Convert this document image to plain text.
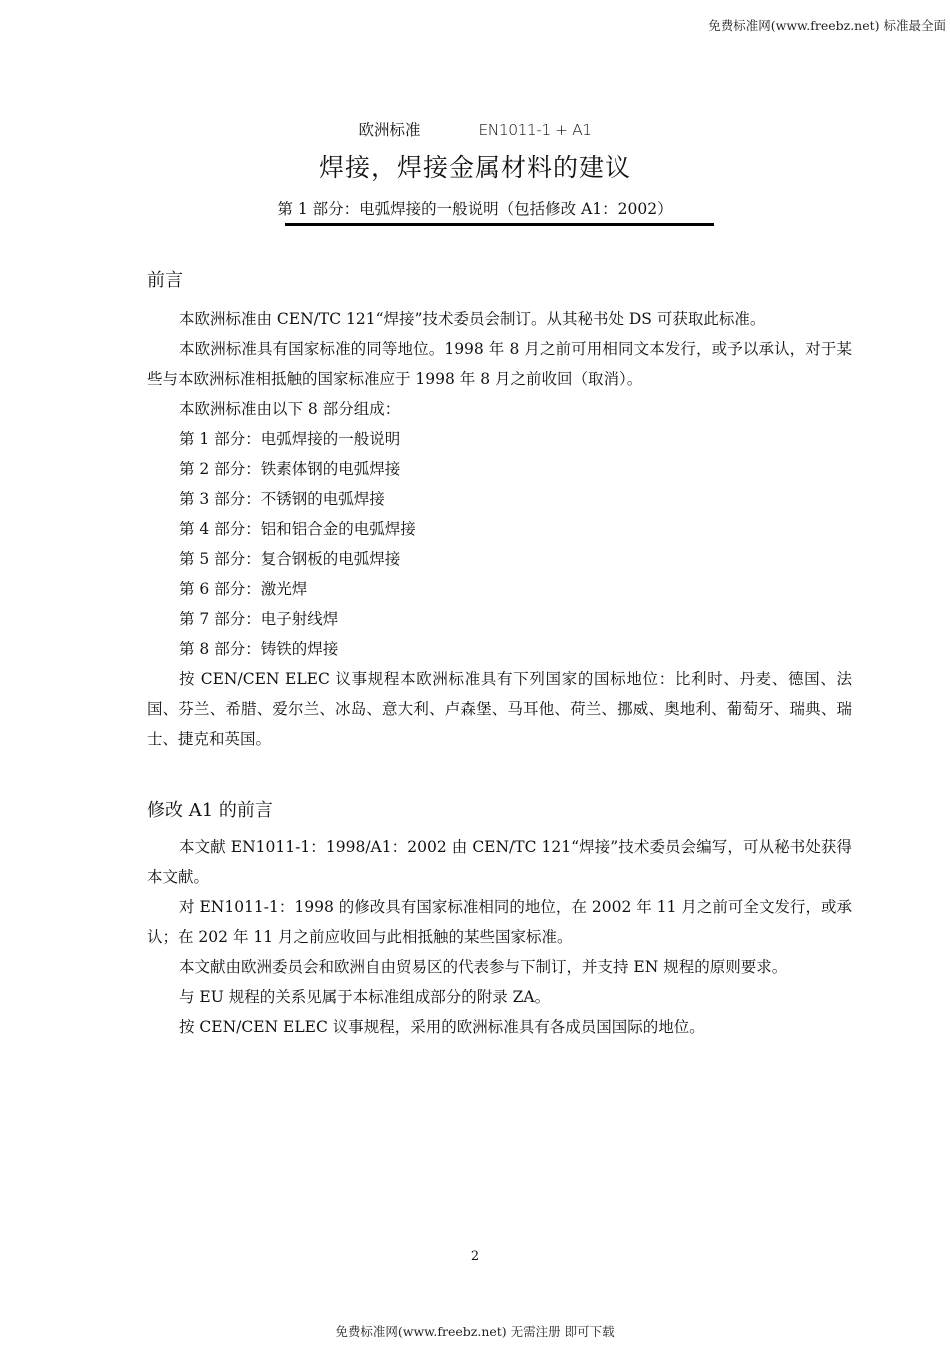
免费标准网(www.freebz.net) 标准最全面
欧洲标准	EN1011-1 + A1
焊接，焊接金属材料的建议
第 1 部分：电弧焊接的一般说明（包括修改 A1：2002）
前言

本欧洲标准由 CEN/TC 121“焊接”技术委员会制订。从其秘书处 DS 可获取此标准。

本欧洲标准具有国家标准的同等地位。1998 年 8 月之前可用相同文本发行，或予以承认，对于某些与本欧洲标准相抵触的国家标准应于 1998 年 8 月之前收回（取消）。

本欧洲标准由以下 8 部分组成：

第 1 部分：电弧焊接的一般说明
第 2 部分：铁素体钢的电弧焊接
第 3 部分：不锈钢的电弧焊接
第 4 部分：铝和铝合金的电弧焊接
第 5 部分：复合钢板的电弧焊接
第 6 部分：激光焊
第 7 部分：电子射线焊
第 8 部分：铸铁的焊接

按 CEN/CEN ELEC 议事规程本欧洲标准具有下列国家的国标地位：比利时、丹麦、德国、法国、芬兰、希腊、爱尔兰、冰岛、意大利、卢森堡、马耳他、荷兰、挪威、奥地利、葡萄牙、瑞典、瑞士、捷克和英国。

修改 A1 的前言

本文献 EN1011-1：1998/A1：2002 由 CEN/TC 121“焊接”技术委员会编写，可从秘书处获得本文献。

对 EN1011-1：1998 的修改具有国家标准相同的地位，在 2002 年 11 月之前可全文发行，或承认；在 202 年 11 月之前应收回与此相抵触的某些国家标准。

本文献由欧洲委员会和欧洲自由贸易区的代表参与下制订，并支持 EN 规程的原则要求。

与 EU 规程的关系见属于本标准组成部分的附录 ZA。

按 CEN/CEN ELEC 议事规程，采用的欧洲标准具有各成员国国际的地位。

2
免费标准网(www.freebz.net) 无需注册 即可下载
